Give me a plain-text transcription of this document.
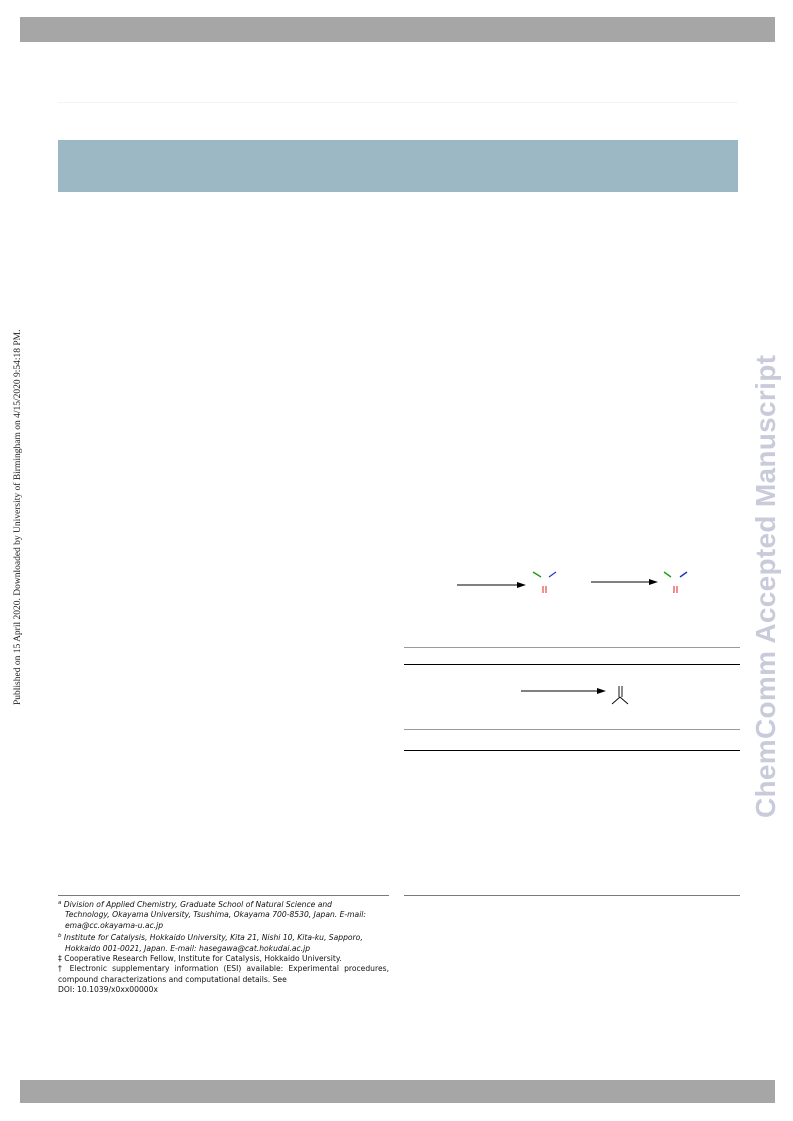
Published on 15 April 2020. Downloaded by University of Birmingham on 4/15/2020 9:54:18 PM.	ChemComm Accepted Manuscript

$^a$ Division of Applied Chemistry, Graduate School of Natural Science and
Technology, Okayama University, Tsushima, Okayama 700-8530, Japan. E-mail:
ema@cc.okayama-u.ac.jp

$^b$ Institute for Catalysis, Hokkaido University, Kita 21, Nishi 10, Kita-ku, Sapporo,
Hokkaido 001-0021, Japan. E-mail: hasegawa@cat.hokudai.ac.jp

‡ Cooperative Research Fellow, Institute for Catalysis, Hokkaido University.

† Electronic supplementary information (ESI) available: Experimental procedures, compound characterizations and computational details. See

DOI: 10.1039/x0xx00000x
